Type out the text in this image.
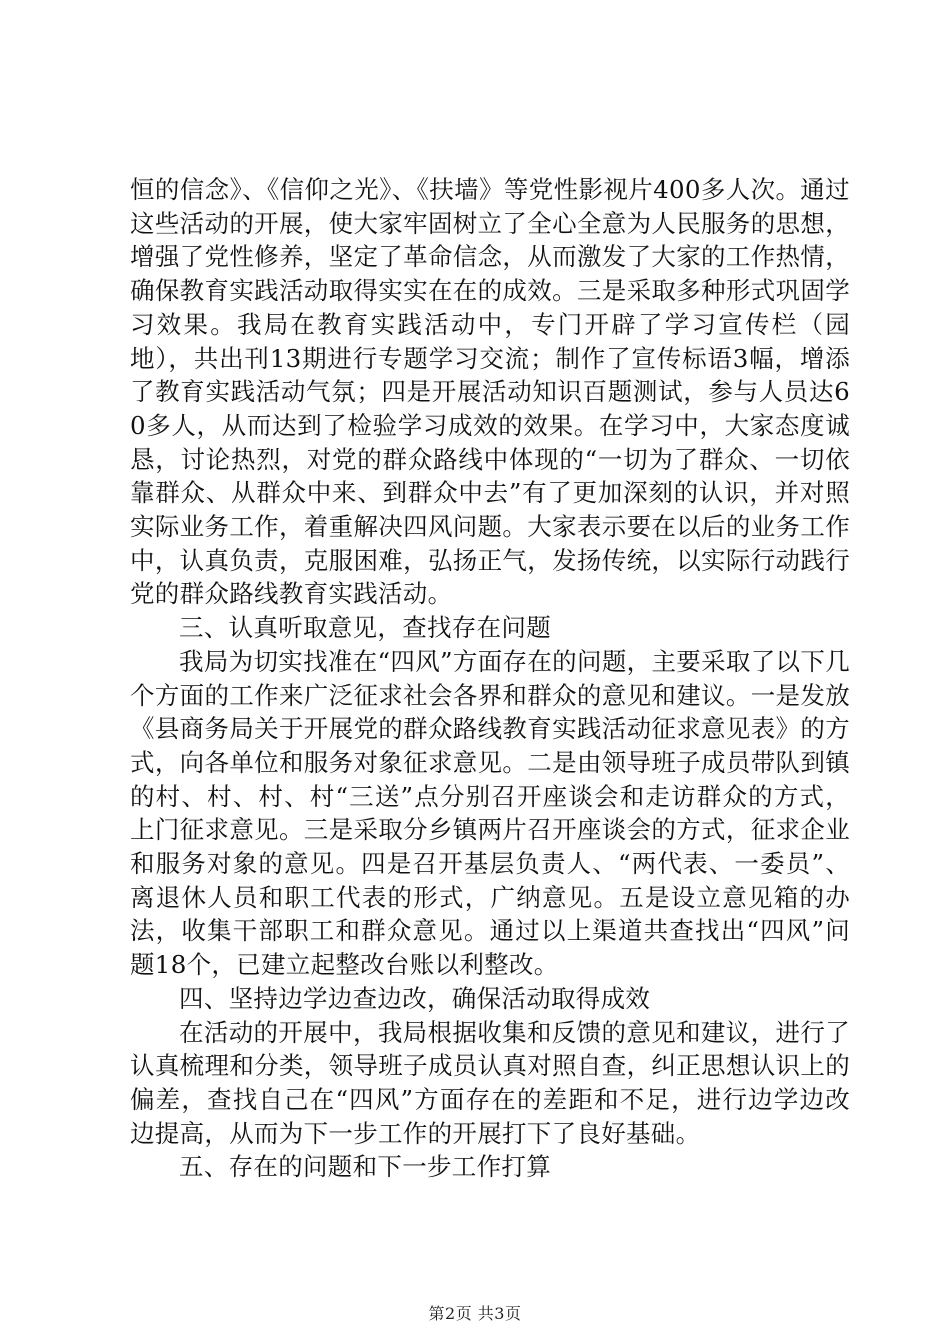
恒的信念》、《信仰之光》、《扶墙》等党性影视片400多人次。通过这些活动的开展，使大家牢固树立了全心全意为人民服务的思想，增强了党性修养，坚定了革命信念，从而激发了大家的工作热情，确保教育实践活动取得实实在在的成效。三是采取多种形式巩固学习效果。我局在教育实践活动中，专门开辟了学习宣传栏（园地），共出刊13期进行专题学习交流；制作了宣传标语3幅，增添了教育实践活动气氛；四是开展活动知识百题测试，参与人员达60多人，从而达到了检验学习成效的效果。在学习中，大家态度诚恳，讨论热烈，对党的群众路线中体现的“一切为了群众、一切依靠群众、从群众中来、到群众中去”有了更加深刻的认识，并对照实际业务工作，着重解决四风问题。大家表示要在以后的业务工作中，认真负责，克服困难，弘扬正气，发扬传统，以实际行动践行党的群众路线教育实践活动。

三、认真听取意见，查找存在问题

我局为切实找准在“四风”方面存在的问题，主要采取了以下几个方面的工作来广泛征求社会各界和群众的意见和建议。一是发放《县商务局关于开展党的群众路线教育实践活动征求意见表》的方式，向各单位和服务对象征求意见。二是由领导班子成员带队到镇的村、村、村、村“三送”点分别召开座谈会和走访群众的方式，上门征求意见。三是采取分乡镇两片召开座谈会的方式，征求企业和服务对象的意见。四是召开基层负责人、“两代表、一委员”、离退休人员和职工代表的形式，广纳意见。五是设立意见箱的办法，收集干部职工和群众意见。通过以上渠道共查找出“四风”问题18个，已建立起整改台账以利整改。

四、坚持边学边查边改，确保活动取得成效

在活动的开展中，我局根据收集和反馈的意见和建议，进行了认真梳理和分类，领导班子成员认真对照自查，纠正思想认识上的偏差，查找自己在“四风”方面存在的差距和不足，进行边学边改边提高，从而为下一步工作的开展打下了良好基础。

五、存在的问题和下一步工作打算

第2页 共3页
